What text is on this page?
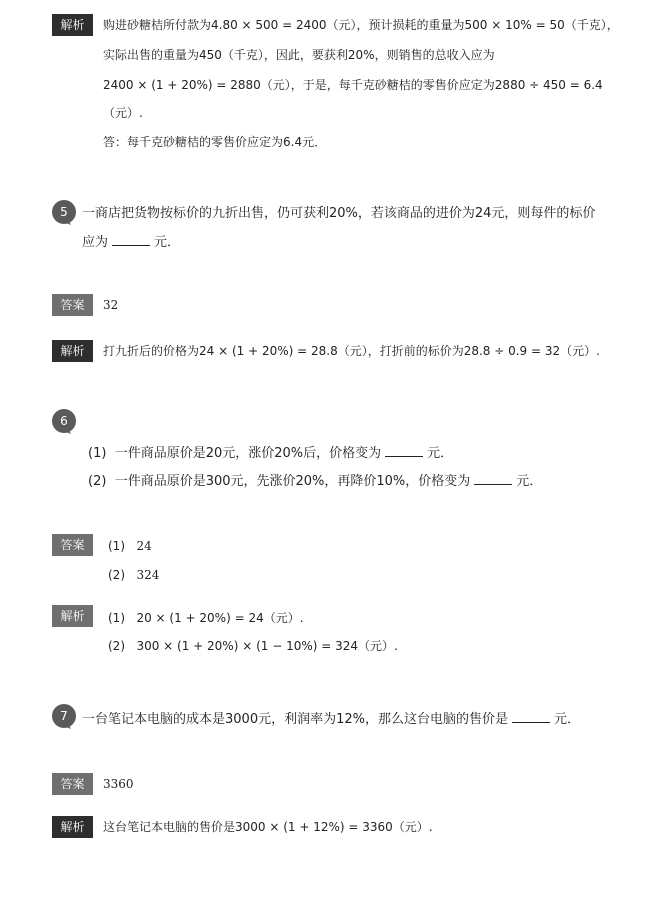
解析	购进砂糖桔所付款为4.80 × 500 = 2400（元），预计损耗的重量为500 × 10% = 50（千克），
实际出售的重量为450（千克），因此，要获利20%，则销售的总收入应为
2400 × (1 + 20%) = 2880（元），于是，每千克砂糖桔的零售价应定为2880 ÷ 450 = 6.4
（元）.
答：每千克砂糖桔的零售价应定为6.4元．
5	一商店把货物按标价的九折出售，仍可获利20%，若该商品的进价为24元，则每件的标价
应为	元．
答案	32
解析	打九折后的价格为24 × (1 + 20%) = 28.8（元），打折前的标价为28.8 ÷ 0.9 = 32（元）.
6
(1) 一件商品原价是20元，涨价20%后，价格变为	元．
(2) 一件商品原价是300元，先涨价20%，再降价10%，价格变为	元．
答案	(1) 24
(2) 324
解析	(1) 20 × (1 + 20%) = 24（元）.
(2) 300 × (1 + 20%) × (1 − 10%) = 324（元）.
7	一台笔记本电脑的成本是3000元，利润率为12%，那么这台电脑的售价是	元．
答案	3360
解析	这台笔记本电脑的售价是3000 × (1 + 12%) = 3360（元）.
